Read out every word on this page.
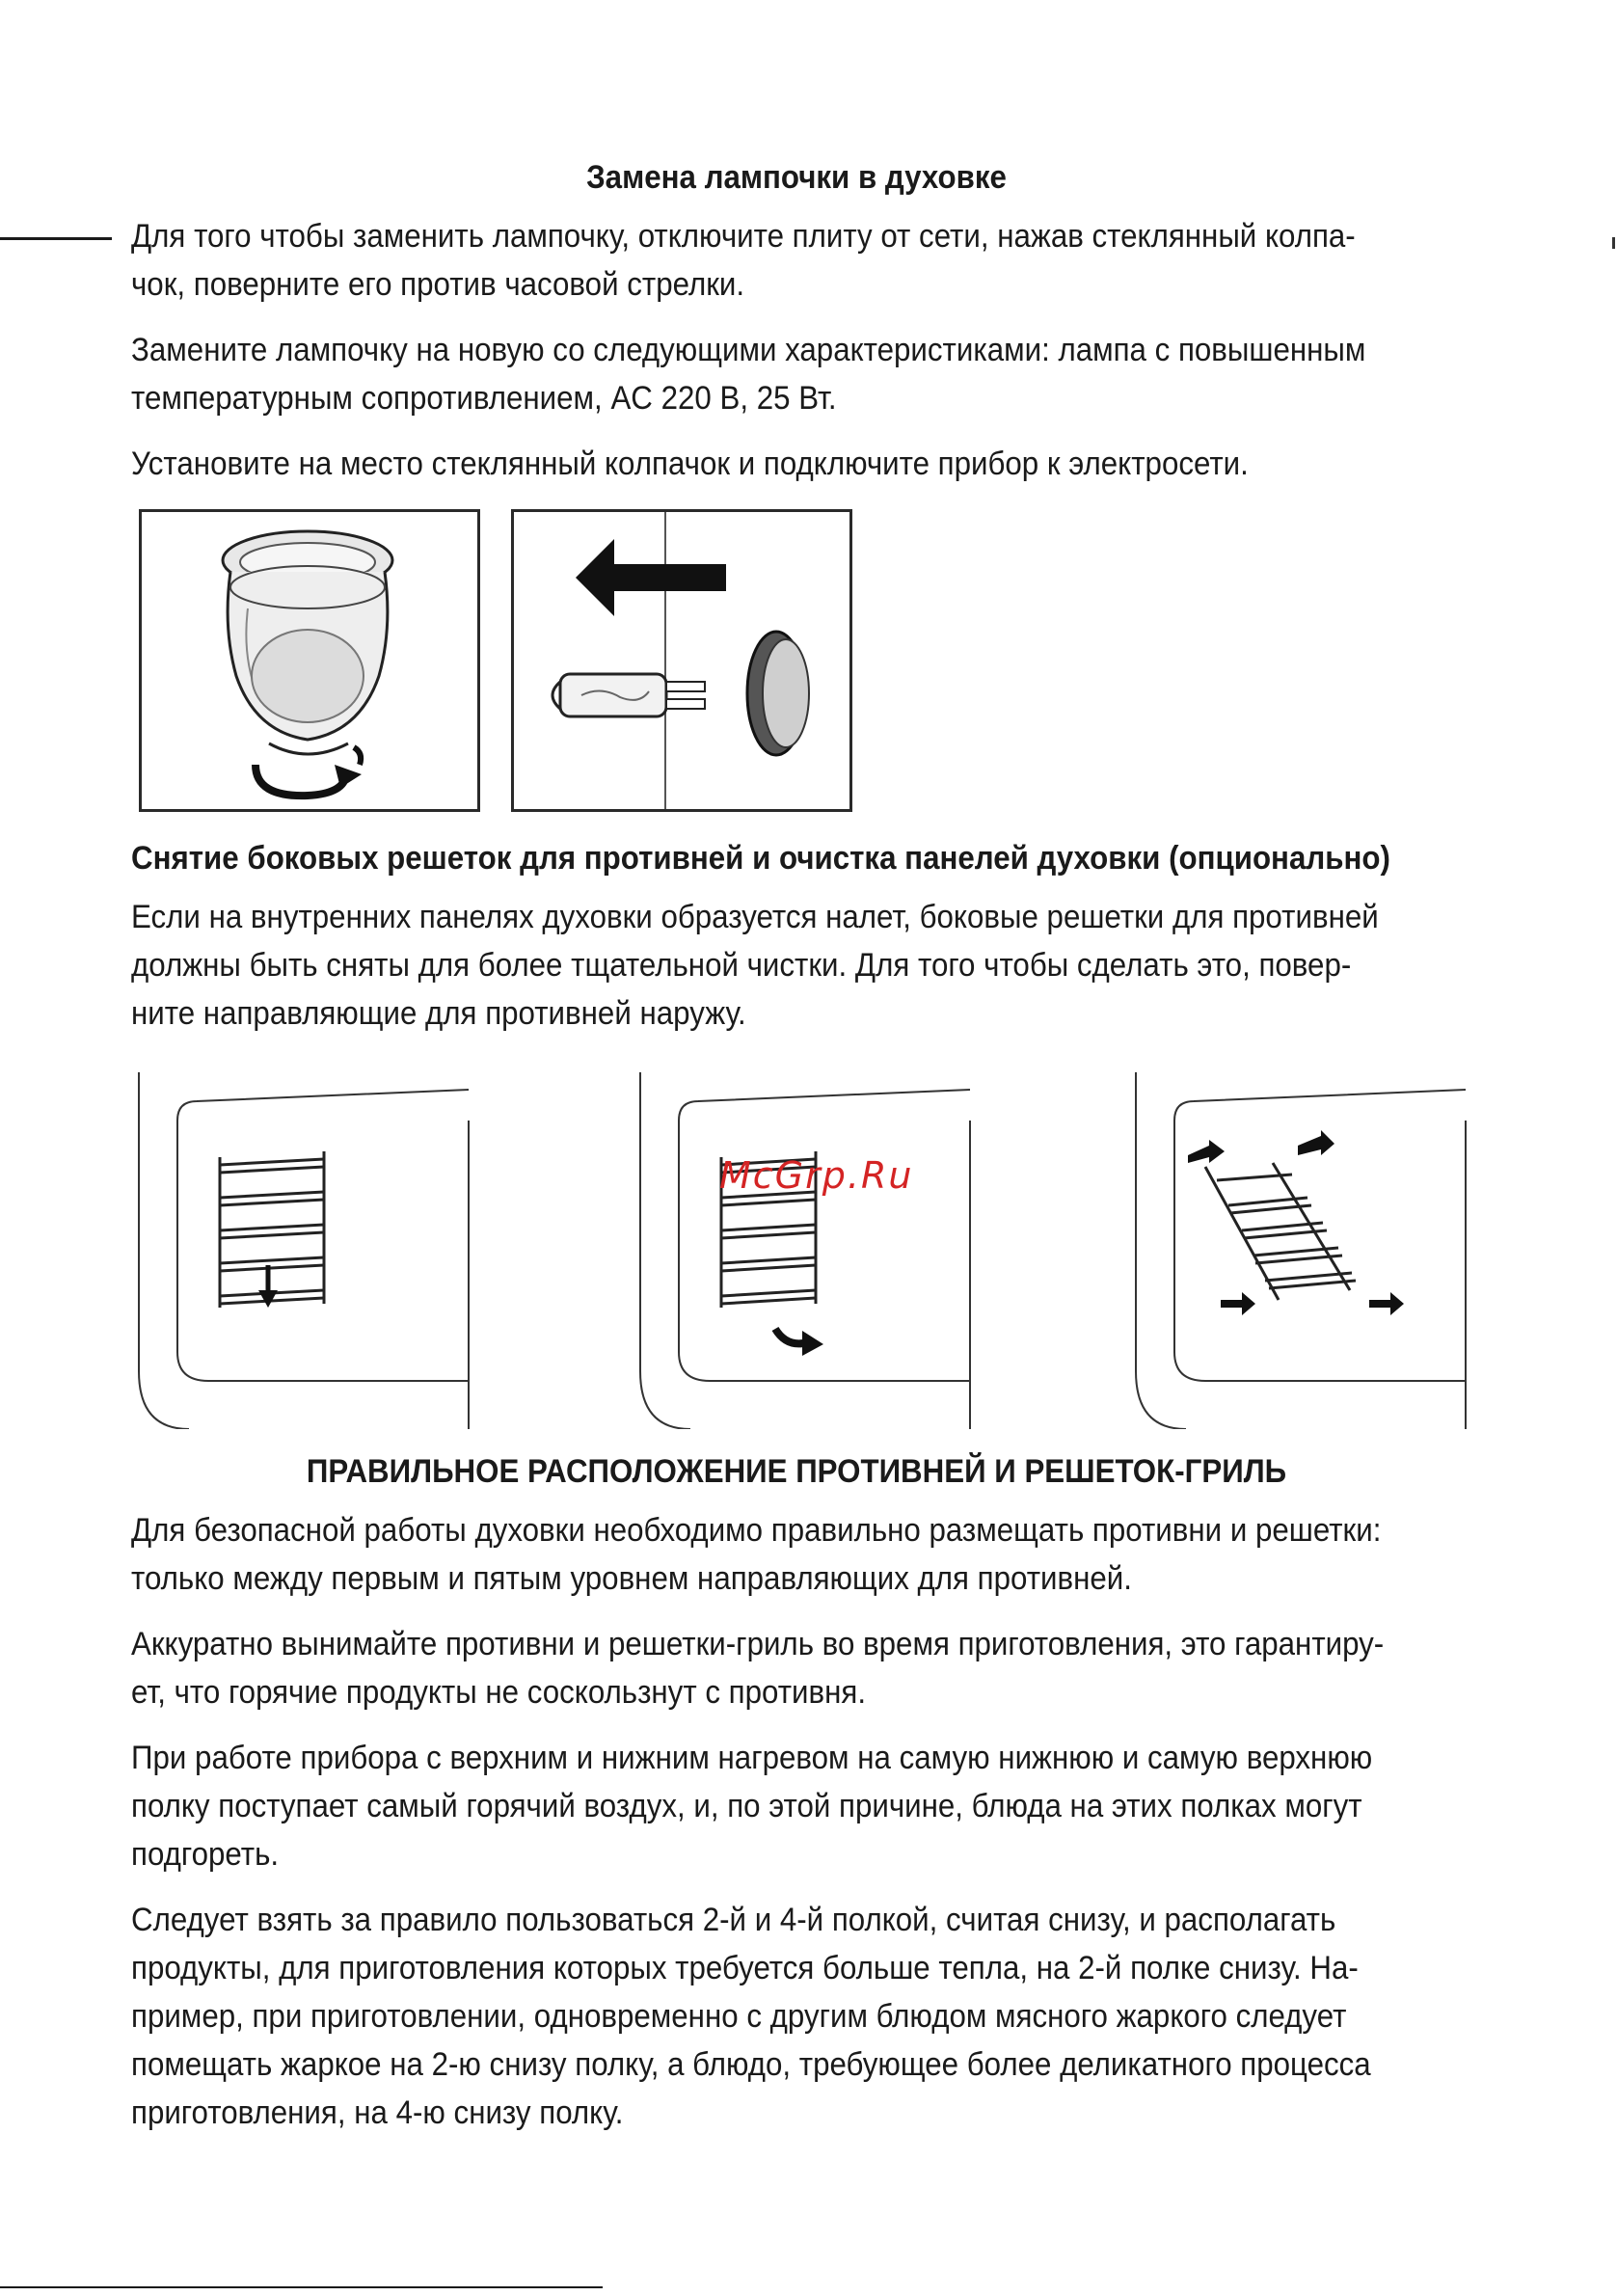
Замена лампочки в духовке

Для того чтобы заменить лампочку, отключите плиту от сети, нажав стеклянный колпа-

чок, поверните его против часовой стрелки.

Замените лампочку на новую со следующими характеристиками: лампа с повышенным

температурным сопротивлением, AC 220 В, 25 Вт.

Установите на место стеклянный колпачок и подключите прибор к электросети.

Снятие боковых решеток для противней и очистка панелей духовки (опционально)

Если на внутренних панелях духовки образуется налет, боковые решетки для противней

должны быть сняты для более тщательной чистки. Для того чтобы сделать это, повер-

ните направляющие для противней наружу.

McGrp.Ru
ПРАВИЛЬНОЕ РАСПОЛОЖЕНИЕ ПРОТИВНЕЙ И РЕШЕТОК-ГРИЛЬ

Для безопасной работы духовки необходимо правильно размещать противни и решетки:

только между первым и пятым уровнем направляющих для противней.

Аккуратно вынимайте противни и решетки-гриль во время приготовления, это гарантиру-

ет, что горячие продукты не соскользнут с противня.

При работе прибора с верхним и нижним нагревом на самую нижнюю и самую верхнюю

полку поступает самый горячий воздух, и, по этой причине, блюда на этих полках могут

подгореть.

Следует взять за правило пользоваться 2-й и 4-й полкой, считая снизу, и располагать

продукты, для приготовления которых требуется больше тепла, на 2-й полке снизу. На-

пример, при приготовлении, одновременно с другим блюдом мясного жаркого следует

помещать жаркое на 2-ю снизу полку, а блюдо, требующее более деликатного процесса

приготовления, на 4-ю снизу полку.
